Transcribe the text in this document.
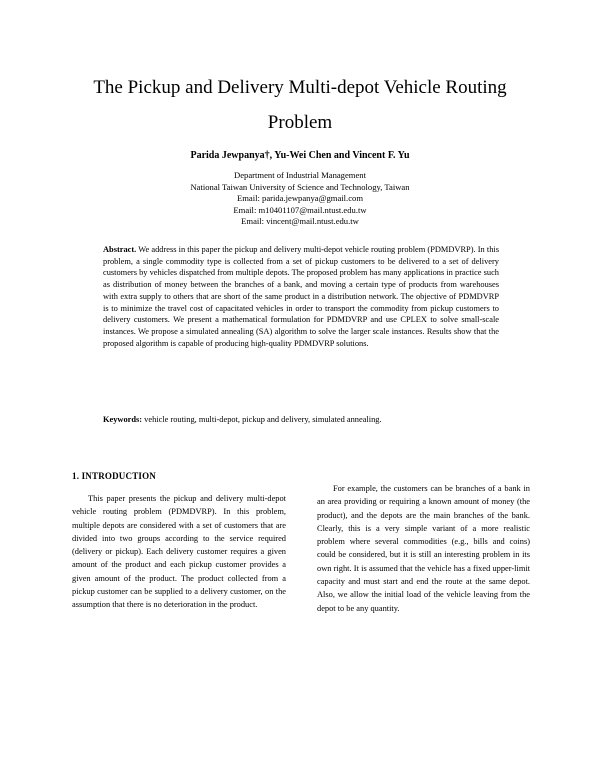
The Pickup and Delivery Multi-depot Vehicle Routing Problem
Parida Jewpanya†, Yu-Wei Chen and Vincent F. Yu
Department of Industrial Management
National Taiwan University of Science and Technology, Taiwan
Email: parida.jewpanya@gmail.com
Email: m10401107@mail.ntust.edu.tw
Email: vincent@mail.ntust.edu.tw

Abstract. We address in this paper the pickup and delivery multi-depot vehicle routing problem (PDMDVRP). In this problem, a single commodity type is collected from a set of pickup customers to be delivered to a set of delivery customers by vehicles dispatched from multiple depots. The proposed problem has many applications in practice such as distribution of money between the branches of a bank, and moving a certain type of products from warehouses with extra supply to others that are short of the same product in a distribution network. The objective of PDMDVRP is to minimize the travel cost of capacitated vehicles in order to transport the commodity from pickup customers to delivery customers. We present a mathematical formulation for PDMDVRP and use CPLEX to solve small-scale instances. We propose a simulated annealing (SA) algorithm to solve the larger scale instances. Results show that the proposed algorithm is capable of producing high-quality PDMDVRP solutions.

Keywords: vehicle routing, multi-depot, pickup and delivery, simulated annealing.

1. INTRODUCTION

This paper presents the pickup and delivery multi-depot vehicle routing problem (PDMDVRP). In this problem, multiple depots are considered with a set of customers that are divided into two groups according to the service required (delivery or pickup). Each delivery customer requires a given amount of the product and each pickup customer provides a given amount of the product. The product collected from a pickup customer can be supplied to a delivery customer, on the assumption that there is no deterioration in the product.

For example, the customers can be branches of a bank in an area providing or requiring a known amount of money (the product), and the depots are the main branches of the bank. Clearly, this is a very simple variant of a more realistic problem where several commodities (e.g., bills and coins) could be considered, but it is still an interesting problem in its own right. It is assumed that the vehicle has a fixed upper-limit capacity and must start and end the route at the same depot. Also, we allow the initial load of the vehicle leaving from the depot to be any quantity.
